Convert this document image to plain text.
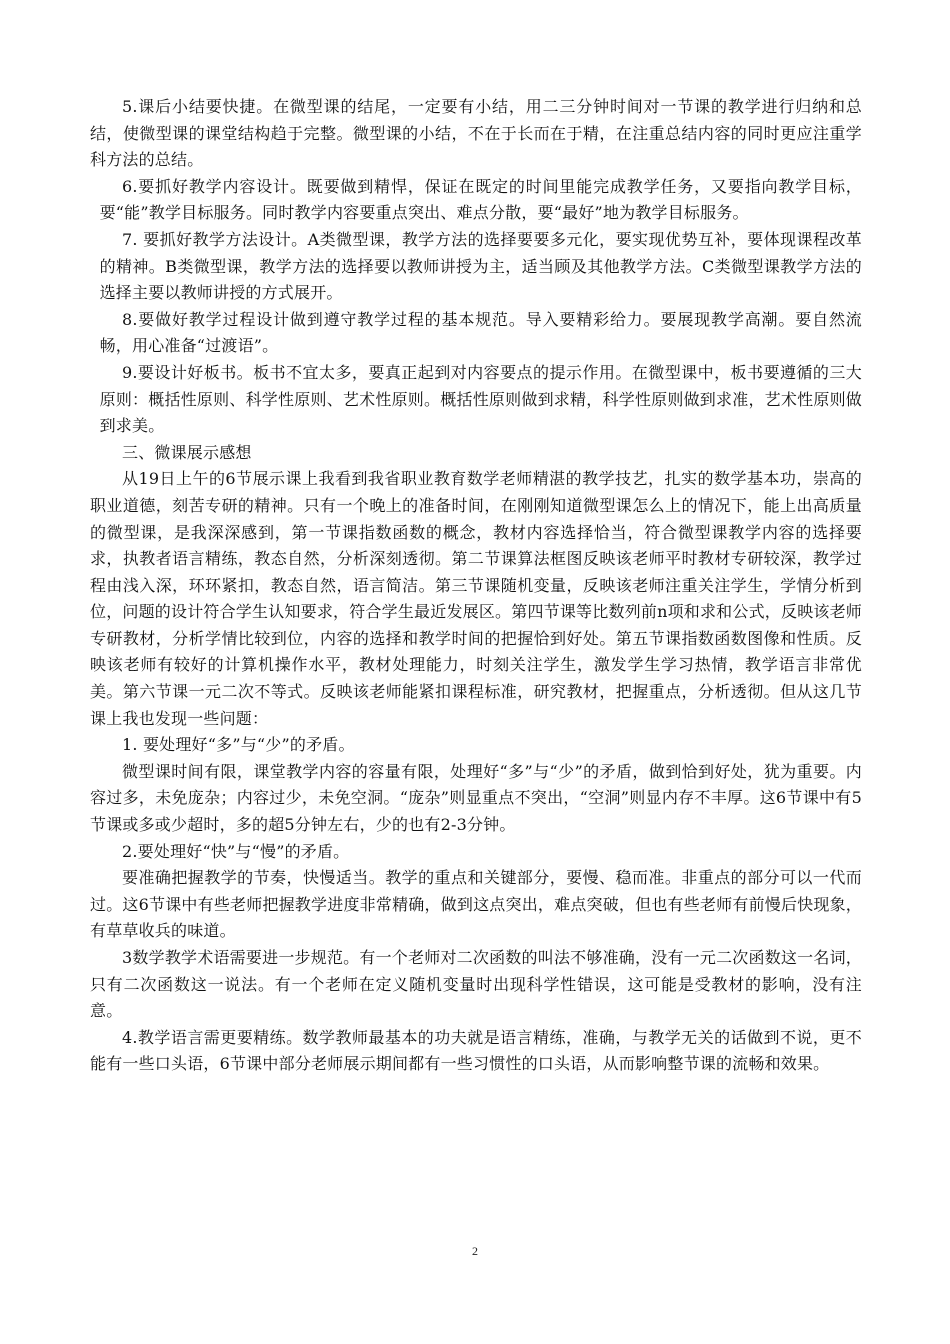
5.课后小结要快捷。在微型课的结尾，一定要有小结，用二三分钟时间对一节课的教学进行归纳和总结，使微型课的课堂结构趋于完整。微型课的小结，不在于长而在于精，在注重总结内容的同时更应注重学科方法的总结。

6.要抓好教学内容设计。既要做到精悍，保证在既定的时间里能完成教学任务，又要指向教学目标，要“能”教学目标服务。同时教学内容要重点突出、难点分散，要“最好”地为教学目标服务。

7. 要抓好教学方法设计。A类微型课，教学方法的选择要要多元化，要实现优势互补，要体现课程改革的精神。B类微型课，教学方法的选择要以教师讲授为主，适当顾及其他教学方法。C类微型课教学方法的选择主要以教师讲授的方式展开。

8.要做好教学过程设计做到遵守教学过程的基本规范。导入要精彩给力。要展现教学高潮。要自然流畅，用心准备“过渡语”。

9.要设计好板书。板书不宜太多，要真正起到对内容要点的提示作用。在微型课中，板书要遵循的三大原则：概括性原则、科学性原则、艺术性原则。概括性原则做到求精，科学性原则做到求准，艺术性原则做到求美。

三、微课展示感想

从19日上午的6节展示课上我看到我省职业教育数学老师精湛的教学技艺，扎实的数学基本功，崇高的职业道德，刻苦专研的精神。只有一个晚上的准备时间，在刚刚知道微型课怎么上的情况下，能上出高质量的微型课，是我深深感到，第一节课指数函数的概念，教材内容选择恰当，符合微型课教学内容的选择要求，执教者语言精练，教态自然，分析深刻透彻。第二节课算法框图反映该老师平时教材专研较深，教学过程由浅入深，环环紧扣，教态自然，语言简洁。第三节课随机变量，反映该老师注重关注学生，学情分析到位，问题的设计符合学生认知要求，符合学生最近发展区。第四节课等比数列前n项和求和公式，反映该老师专研教材，分析学情比较到位，内容的选择和教学时间的把握恰到好处。第五节课指数函数图像和性质。反映该老师有较好的计算机操作水平，教材处理能力，时刻关注学生，激发学生学习热情，教学语言非常优美。第六节课一元二次不等式。反映该老师能紧扣课程标准，研究教材，把握重点，分析透彻。但从这几节课上我也发现一些问题：

1. 要处理好“多”与“少”的矛盾。

微型课时间有限，课堂教学内容的容量有限，处理好“多”与“少”的矛盾，做到恰到好处，犹为重要。内容过多，未免庞杂；内容过少，未免空洞。“庞杂”则显重点不突出，“空洞”则显内存不丰厚。这6节课中有5节课或多或少超时，多的超5分钟左右，少的也有2-3分钟。

2.要处理好“快”与“慢”的矛盾。

要准确把握教学的节奏，快慢适当。教学的重点和关键部分，要慢、稳而准。非重点的部分可以一代而过。这6节课中有些老师把握教学进度非常精确，做到这点突出，难点突破，但也有些老师有前慢后快现象，有草草收兵的味道。

3数学教学术语需要进一步规范。有一个老师对二次函数的叫法不够准确，没有一元二次函数这一名词，只有二次函数这一说法。有一个老师在定义随机变量时出现科学性错误，这可能是受教材的影响，没有注意。

4.教学语言需更要精练。数学教师最基本的功夫就是语言精练，准确，与教学无关的话做到不说，更不能有一些口头语，6节课中部分老师展示期间都有一些习惯性的口头语，从而影响整节课的流畅和效果。

2
